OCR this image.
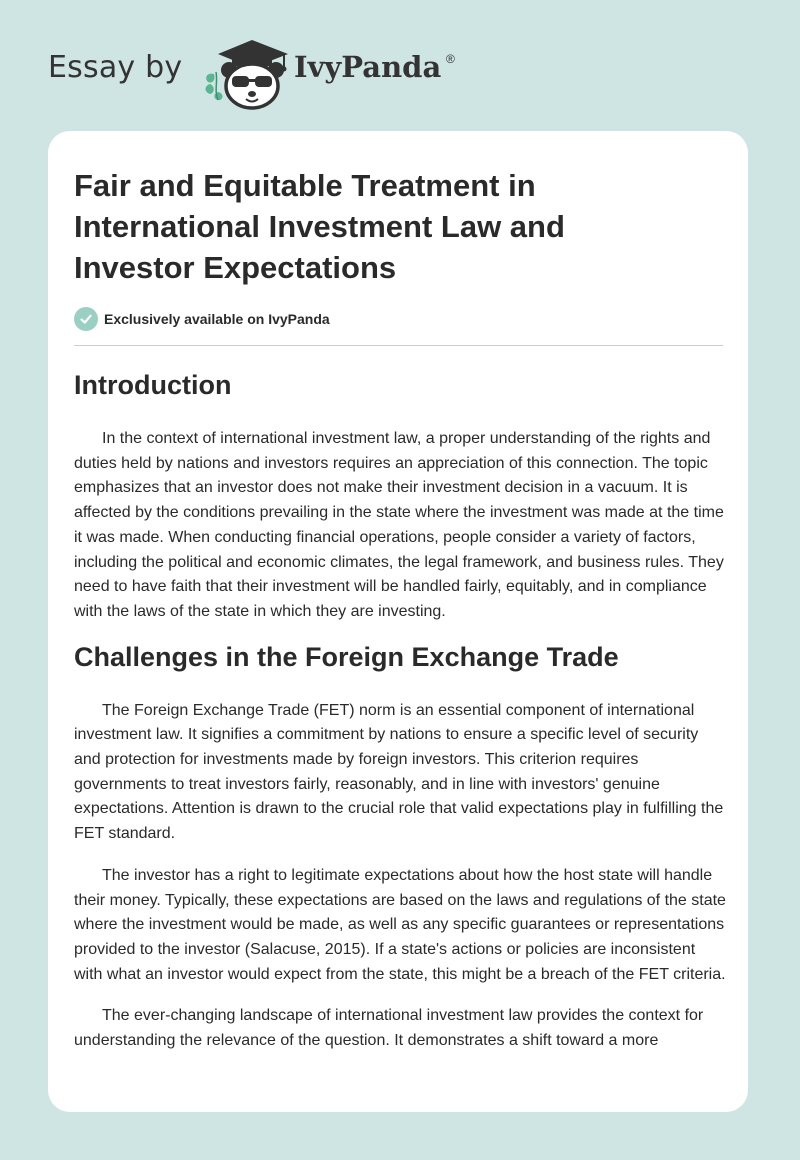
Essay by	IvyPanda ®
Fair and Equitable Treatment in International Investment Law and Investor Expectations
Exclusively available on IvyPanda
Introduction

In the context of international investment law, a proper understanding of the rights and duties held by nations and investors requires an appreciation of this connection. The topic emphasizes that an investor does not make their investment decision in a vacuum. It is affected by the conditions prevailing in the state where the investment was made at the time it was made. When conducting financial operations, people consider a variety of factors, including the political and economic climates, the legal framework, and business rules. They need to have faith that their investment will be handled fairly, equitably, and in compliance with the laws of the state in which they are investing.

Challenges in the Foreign Exchange Trade

The Foreign Exchange Trade (FET) norm is an essential component of international investment law. It signifies a commitment by nations to ensure a specific level of security and protection for investments made by foreign investors. This criterion requires governments to treat investors fairly, reasonably, and in line with investors' genuine expectations. Attention is drawn to the crucial role that valid expectations play in fulfilling the FET standard.

The investor has a right to legitimate expectations about how the host state will handle their money. Typically, these expectations are based on the laws and regulations of the state where the investment would be made, as well as any specific guarantees or representations provided to the investor (Salacuse, 2015). If a state's actions or policies are inconsistent with what an investor would expect from the state, this might be a breach of the FET criteria.

The ever-changing landscape of international investment law provides the context for understanding the relevance of the question. It demonstrates a shift toward a more
